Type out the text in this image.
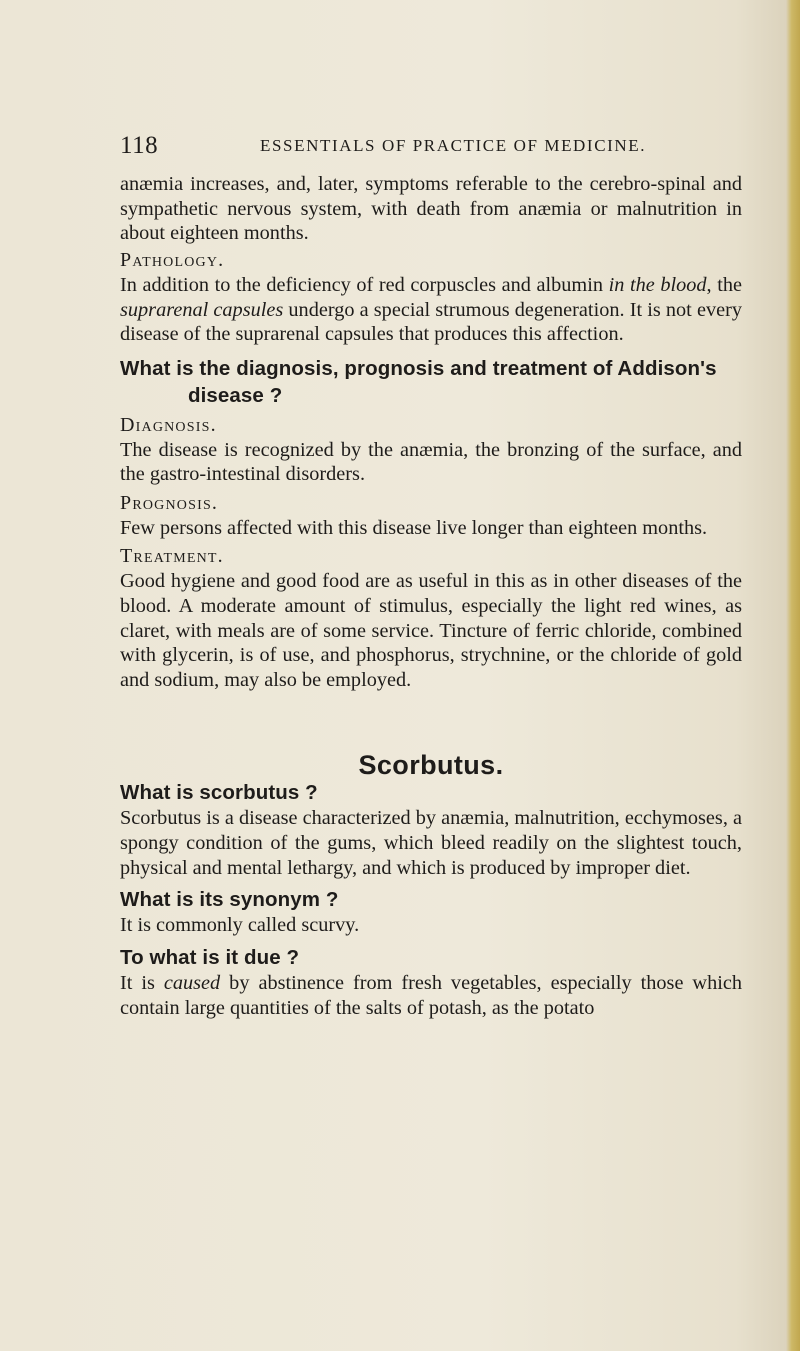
118	ESSENTIALS OF PRACTICE OF MEDICINE.

anæmia increases, and, later, symptoms referable to the cerebro-spinal and sympathetic nervous system, with death from anæmia or malnutrition in about eighteen months.

Pathology.

In addition to the deficiency of red corpuscles and albumin in the blood, the suprarenal capsules undergo a special strumous degeneration. It is not every disease of the suprarenal capsules that produces this affection.

What is the diagnosis, prognosis and treatment of Addison's disease ?

Diagnosis.

The disease is recognized by the anæmia, the bronzing of the surface, and the gastro-intestinal disorders.

Prognosis.

Few persons affected with this disease live longer than eighteen months.

Treatment.

Good hygiene and good food are as useful in this as in other diseases of the blood. A moderate amount of stimulus, especially the light red wines, as claret, with meals are of some service. Tincture of ferric chloride, combined with glycerin, is of use, and phosphorus, strychnine, or the chloride of gold and sodium, may also be employed.

Scorbutus.

What is scorbutus ?

Scorbutus is a disease characterized by anæmia, malnutrition, ecchymoses, a spongy condition of the gums, which bleed readily on the slightest touch, physical and mental lethargy, and which is produced by improper diet.

What is its synonym ?

It is commonly called scurvy.

To what is it due ?

It is caused by abstinence from fresh vegetables, especially those which contain large quantities of the salts of potash, as the potato
